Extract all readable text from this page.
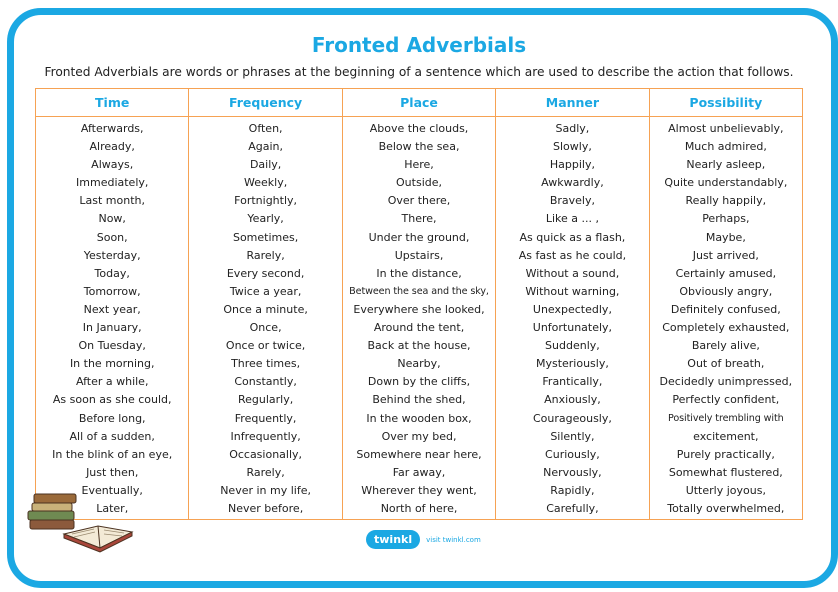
Fronted Adverbials

Fronted Adverbials are words or phrases at the beginning of a sentence which are used to describe the action that follows.

Time
Afterwards,
Already,
Always,
Immediately,
Last month,
Now,
Soon,
Yesterday,
Today,
Tomorrow,
Next year,
In January,
On Tuesday,
In the morning,
After a while,
As soon as she could,
Before long,
All of a sudden,
In the blink of an eye,
Just then,
Eventually,
Later,
Frequency
Often,
Again,
Daily,
Weekly,
Fortnightly,
Yearly,
Sometimes,
Rarely,
Every second,
Twice a year,
Once a minute,
Once,
Once or twice,
Three times,
Constantly,
Regularly,
Frequently,
Infrequently,
Occasionally,
Rarely,
Never in my life,
Never before,
Place
Above the clouds,
Below the sea,
Here,
Outside,
Over there,
There,
Under the ground,
Upstairs,
In the distance,
Between the sea and the sky,
Everywhere she looked,
Around the tent,
Back at the house,
Nearby,
Down by the cliffs,
Behind the shed,
In the wooden box,
Over my bed,
Somewhere near here,
Far away,
Wherever they went,
North of here,
Manner
Sadly,
Slowly,
Happily,
Awkwardly,
Bravely,
Like a ... ,
As quick as a flash,
As fast as he could,
Without a sound,
Without warning,
Unexpectedly,
Unfortunately,
Suddenly,
Mysteriously,
Frantically,
Anxiously,
Courageously,
Silently,
Curiously,
Nervously,
Rapidly,
Carefully,
Possibility
Almost unbelievably,
Much admired,
Nearly asleep,
Quite understandably,
Really happily,
Perhaps,
Maybe,
Just arrived,
Certainly amused,
Obviously angry,
Definitely confused,
Completely exhausted,
Barely alive,
Out of breath,
Decidedly unimpressed,
Perfectly confident,
Positively trembling with
excitement,
Purely practically,
Somewhat flustered,
Utterly joyous,
Totally overwhelmed,
twinkl	visit twinkl.com
